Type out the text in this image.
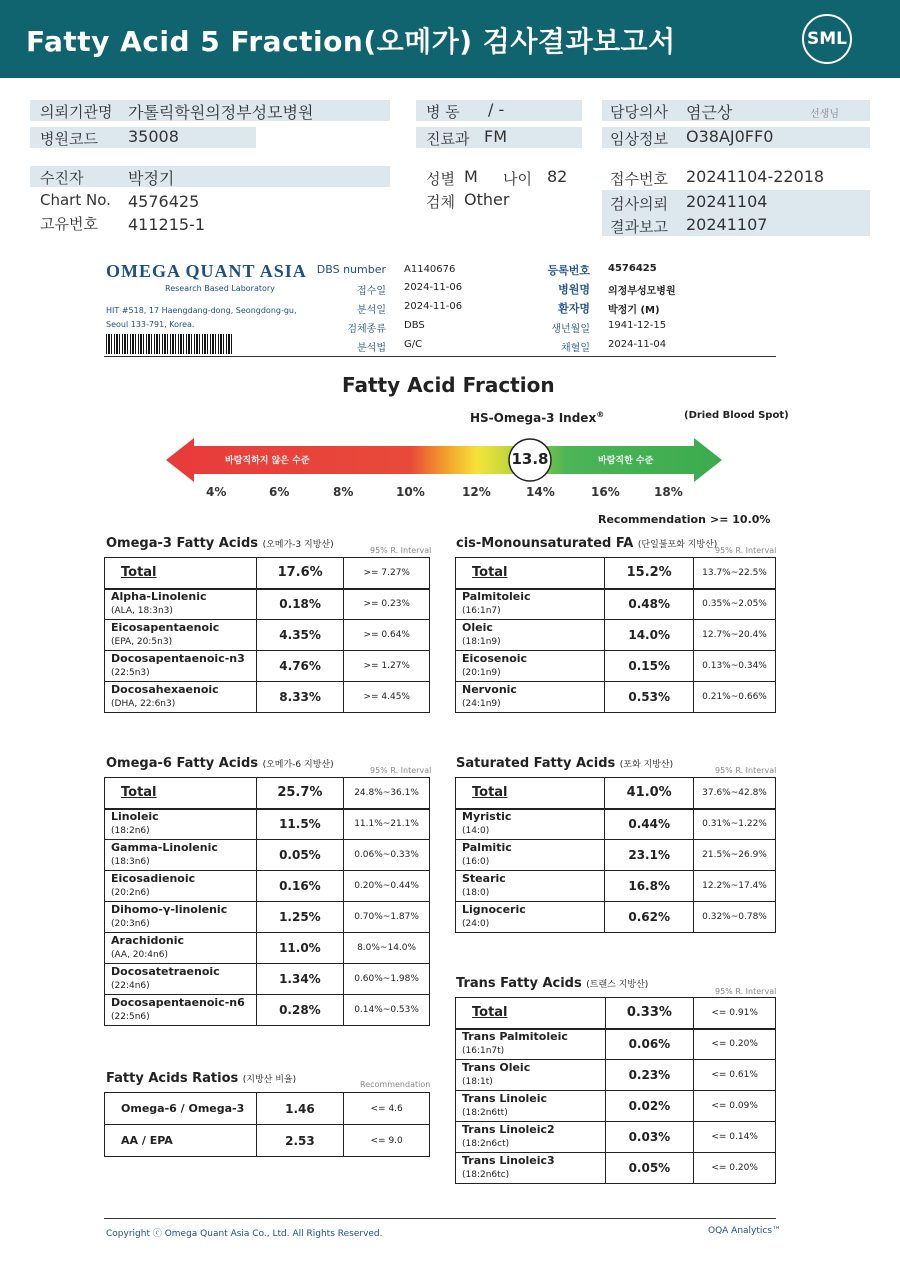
Fatty Acid 5 Fraction(오메가) 검사결과보고서	SML
의뢰기관명 가톨릭학원의정부성모병원
병원코드 35008
병 동 / -
진료과 FM
담당의사 염근상	선생님
임상정보 O38AJ0FF0
수진자	박정기
Chart No. 4576425
고유번호 411215-1
성별 M 나이 82
검체 Other
접수번호 20241104-22018
검사의뢰 20241104
결과보고 20241107
OMEGA QUANT ASIA
Research Based Laboratory
HIT #518, 17 Haengdang-dong, Seongdong-gu, Seoul 133-791, Korea.
DBS number A1140676
접수일 2024-11-06
분석일 2024-11-06
검체종류 DBS
분석법 G/C
등록번호 4576425
병원명 의정부성모병원
환자명 박정기 (M)
생년월일 1941-12-15
채혈일 2024-11-04
Fatty Acid Fraction
HS-Omega-3 Index®	(Dried Blood Spot)
바람직하지 않은 수준	바람직한 수준
13.8
4%	6%	8%	10%	12%	14%	16%	18%
Recommendation >= 10.0%
Omega-3 Fatty Acids (오메가-3 지방산)
95% R. Interval cis-Monounsaturated FA (단일불포화 지방산)
95% R. Interval
Omega-6 Fatty Acids (오메가-6 지방산)
95% R. Interval Saturated Fatty Acids (포화 지방산)
95% R. Interval
Trans Fatty Acids (트랜스 지방산)
95% R. Interval
Fatty Acids Ratios (지방산 비율)	Recommendation
Total	17.6%	>= 7.27%
Alpha-Linolenic
(ALA, 18:3n3)	0.18%	>= 0.23%
Eicosapentaenoic
(EPA, 20:5n3)	4.35%	>= 0.64%
Docosapentaenoic-n3
(22:5n3)	4.76%	>= 1.27%
Docosahexaenoic
(DHA, 22:6n3)	8.33%	>= 4.45%
Total	15.2%	13.7%~22.5%
Palmitoleic
(16:1n7)	0.48%	0.35%~2.05%
Oleic
(18:1n9)	14.0%	12.7%~20.4%
Eicosenoic
(20:1n9)	0.15%	0.13%~0.34%
Nervonic
(24:1n9)	0.53%	0.21%~0.66%
Total	25.7%	24.8%~36.1%
Linoleic
(18:2n6)	11.5%	11.1%~21.1%
Gamma-Linolenic
(18:3n6)	0.05%	0.06%~0.33%
Eicosadienoic
(20:2n6)	0.16%	0.20%~0.44%
Dihomo-γ-linolenic
(20:3n6)	1.25%	0.70%~1.87%
Arachidonic
(AA, 20:4n6)	11.0%	8.0%~14.0%
Docosatetraenoic
(22:4n6)	1.34%	0.60%~1.98%
Docosapentaenoic-n6
(22:5n6)	0.28%	0.14%~0.53%
Total	41.0%	37.6%~42.8%
Myristic
(14:0)	0.44%	0.31%~1.22%
Palmitic
(16:0)	23.1%	21.5%~26.9%
Stearic
(18:0)	16.8%	12.2%~17.4%
Lignoceric
(24:0)	0.62%	0.32%~0.78%
Total	0.33%	<= 0.91%
Trans Palmitoleic
(16:1n7t)	0.06%	<= 0.20%
Trans Oleic
(18:1t)	0.23%	<= 0.61%
Trans Linoleic
(18:2n6tt)	0.02%	<= 0.09%
Trans Linoleic2
(18:2n6ct)	0.03%	<= 0.14%
Trans Linoleic3
(18:2n6tc)	0.05%	<= 0.20%
Omega-6 / Omega-3	1.46	<= 4.6
AA / EPA	2.53	<= 9.0
Copyright ⓒ Omega Quant Asia Co., Ltd. All Rights Reserved.	OQA Analytics™
